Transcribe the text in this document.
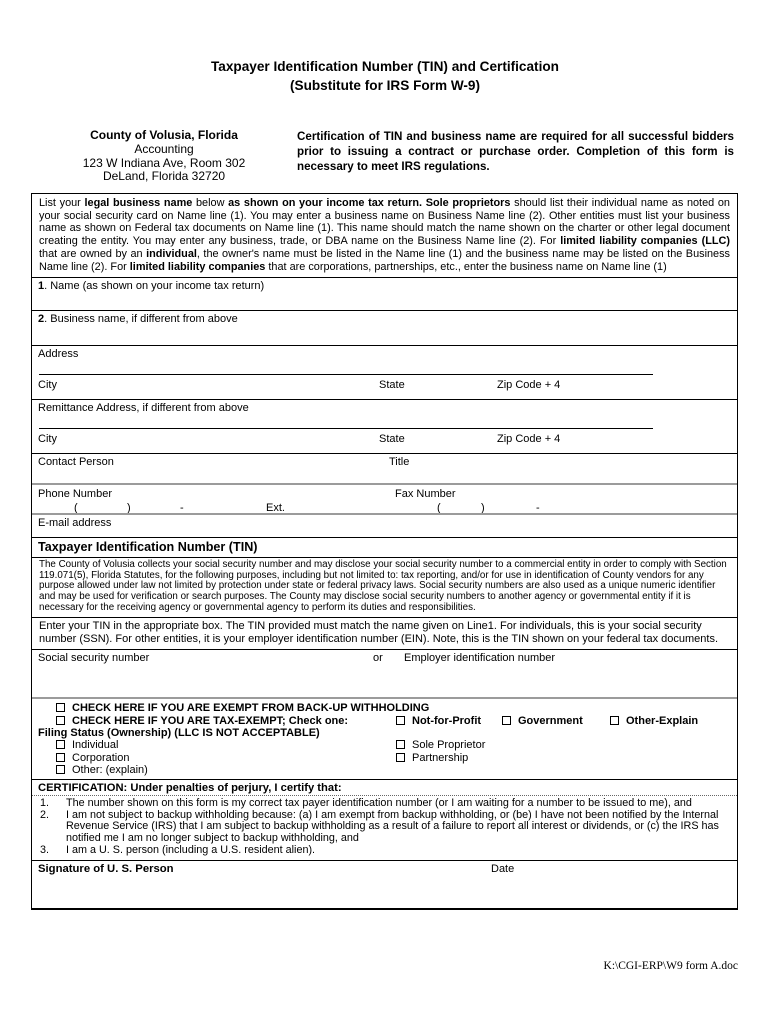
Taxpayer Identification Number (TIN) and Certification
(Substitute for IRS Form W-9)
County of Volusia, Florida
Accounting
123 W Indiana Ave, Room 302
DeLand, Florida 32720
Certification of TIN and business name are required for all successful bidders prior to issuing a contract or purchase order. Completion of this form is necessary to meet IRS regulations.
List your legal business name below as shown on your income tax return. Sole proprietors should list their individual name as noted on your social security card on Name line (1). You may enter a business name on Business Name line (2). Other entities must list your business name as shown on Federal tax documents on Name line (1). This name should match the name shown on the charter or other legal document creating the entity. You may enter any business, trade, or DBA name on the Business Name line (2). For limited liability companies (LLC) that are owned by an individual, the owner's name must be listed in the Name line (1) and the business name may be listed on the Business Name line (2). For limited liability companies that are corporations, partnerships, etc., enter the business name on Name line (1)
1. Name (as shown on your income tax return)
2. Business name, if different from above
Address
City	State	Zip Code + 4
Remittance Address, if different from above
City	State	Zip Code + 4
Contact Person	Title
Phone Number	Fax Number
(	)	-	Ext.	(	)	-
E-mail address
Taxpayer Identification Number (TIN)
The County of Volusia collects your social security number and may disclose your social security number to a commercial entity in order to comply with Section 119.071(5), Florida Statutes, for the following purposes, including but not limited to: tax reporting, and/or for use in identification of County vendors for any purpose allowed under law not limited by protection under state or federal privacy laws. Social security numbers are also used as a unique numeric identifier and may be used for verification or search purposes. The County may disclose social security numbers to another agency or governmental entity if it is necessary for the receiving agency or governmental agency to perform its duties and responsibilities.
Enter your TIN in the appropriate box. The TIN provided must match the name given on Line1. For individuals, this is your social security number (SSN). For other entities, it is your employer identification number (EIN). Note, this is the TIN shown on your federal tax documents.
Social security number	or Employer identification number
CHECK HERE IF YOU ARE EXEMPT FROM BACK-UP WITHHOLDING
CHECK HERE IF YOU ARE TAX-EXEMPT; Check one:	Not-for-Profit	Government	Other-Explain
Filing Status (Ownership) (LLC IS NOT ACCEPTABLE)
Individual	Sole Proprietor
Corporation	Partnership
Other: (explain)
CERTIFICATION: Under penalties of perjury, I certify that:
1. The number shown on this form is my correct tax payer identification number (or I am waiting for a number to be issued to me), and
2. I am not subject to backup withholding because: (a) I am exempt from backup withholding, or (be) I have not been notified by the Internal Revenue Service (IRS) that I am subject to backup withholding as a result of a failure to report all interest or dividends, or (c) the IRS has notified me I am no longer subject to backup withholding, and
3. I am a U. S. person (including a U.S. resident alien).
Signature of U. S. Person	Date
K:\CGI-ERP\W9 form A.doc
